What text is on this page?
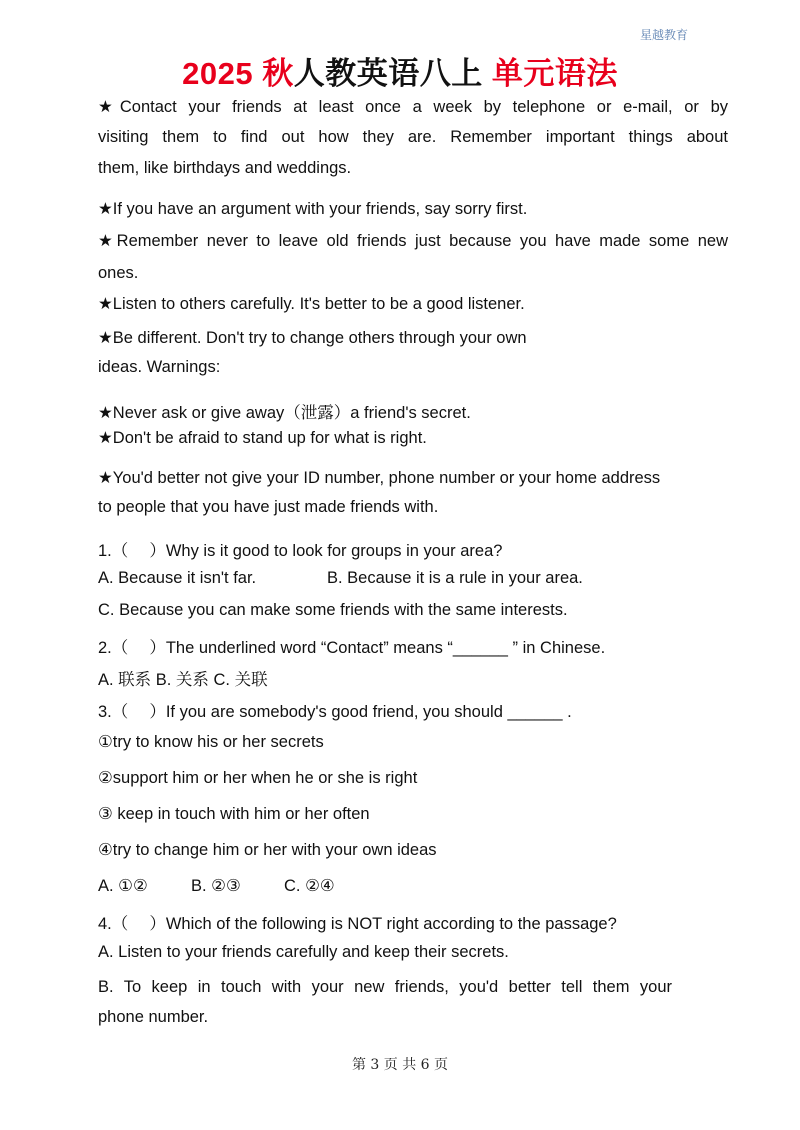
星越教育
2025 秋人教英语八上 单元语法
★Contact your friends at least once a week by telephone or e-mail, or by
visiting them to find out how they are. Remember important things about
them, like birthdays and weddings.
★If you have an argument with your friends, say sorry first.
★Remember never to leave old friends just because you have made some new
ones.
★Listen to others carefully. It's better to be a good listener.
★Be different. Don't try to change others through your own
ideas. Warnings:
★Never ask or give away（泄露）a friend's secret.
★Don't be afraid to stand up for what is right.
★You'd better not give your ID number, phone number or your home address
to people that you have just made friends with.
1.（　 ）Why is it good to look for groups in your area?
A. Because it isn't far.	B. Because it is a rule in your area.
C. Because you can make some friends with the same interests.
2.（　 ）The underlined word “Contact” means “______ ” in Chinese.
A. 联系 B. 关系 C. 关联
3.（　 ）If you are somebody's good friend, you should ______ .
①try to know his or her secrets
②support him or her when he or she is right
③ keep in touch with him or her often
④try to change him or her with your own ideas
A. ①②	B. ②③	C. ②④
4.（　 ）Which of the following is NOT right according to the passage?
A. Listen to your friends carefully and keep their secrets.
B. To keep in touch with your new friends, you'd better tell them your
phone number.
第 3 页 共 6 页
